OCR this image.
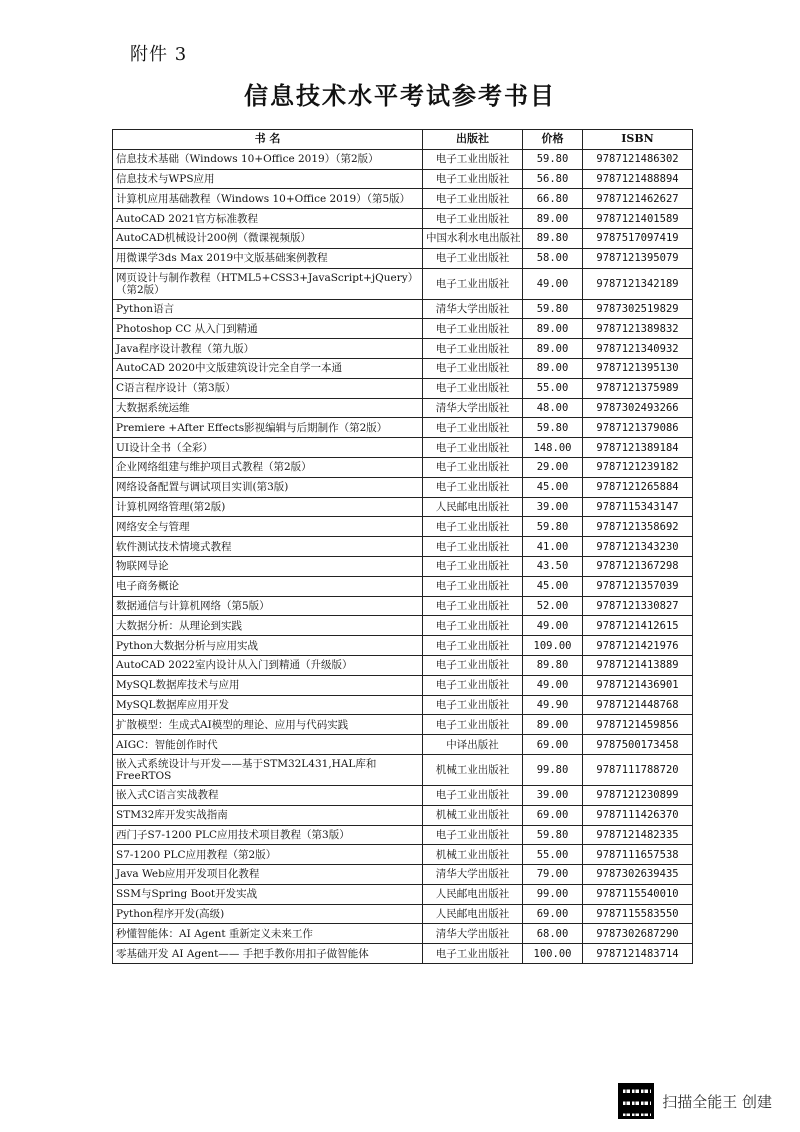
附件 3
信息技术水平考试参考书目
书 名	出版社	价格	ISBN
信息技术基础（Windows 10+Office 2019）（第2版）	电子工业出版社	59.80	9787121486302
信息技术与WPS应用	电子工业出版社	56.80	9787121488894
计算机应用基础教程（Windows 10+Office 2019）（第5版）	电子工业出版社	66.80	9787121462627
AutoCAD 2021官方标准教程	电子工业出版社	89.00	9787121401589
AutoCAD机械设计200例（微课视频版）	中国水利水电出版社	89.80	9787517097419
用微课学3ds Max 2019中文版基础案例教程	电子工业出版社	58.00	9787121395079
网页设计与制作教程（HTML5+CSS3+JavaScript+jQuery）（第2版）	电子工业出版社	49.00	9787121342189
Python语言	清华大学出版社	59.80	9787302519829
Photoshop CC 从入门到精通	电子工业出版社	89.00	9787121389832
Java程序设计教程（第九版）	电子工业出版社	89.00	9787121340932
AutoCAD 2020中文版建筑设计完全自学一本通	电子工业出版社	89.00	9787121395130
C语言程序设计（第3版）	电子工业出版社	55.00	9787121375989
大数据系统运维	清华大学出版社	48.00	9787302493266
Premiere +After Effects影视编辑与后期制作（第2版）	电子工业出版社	59.80	9787121379086
UI设计全书（全彩）	电子工业出版社	148.00	9787121389184
企业网络组建与维护项目式教程（第2版）	电子工业出版社	29.00	9787121239182
网络设备配置与调试项目实训(第3版)	电子工业出版社	45.00	9787121265884
计算机网络管理(第2版)	人民邮电出版社	39.00	9787115343147
网络安全与管理	电子工业出版社	59.80	9787121358692
软件测试技术情境式教程	电子工业出版社	41.00	9787121343230
物联网导论	电子工业出版社	43.50	9787121367298
电子商务概论	电子工业出版社	45.00	9787121357039
数据通信与计算机网络（第5版）	电子工业出版社	52.00	9787121330827
大数据分析：从理论到实践	电子工业出版社	49.00	9787121412615
Python大数据分析与应用实战	电子工业出版社	109.00	9787121421976
AutoCAD 2022室内设计从入门到精通（升级版）	电子工业出版社	89.80	9787121413889
MySQL数据库技术与应用	电子工业出版社	49.00	9787121436901
MySQL数据库应用开发	电子工业出版社	49.90	9787121448768
扩散模型：生成式AI模型的理论、应用与代码实践	电子工业出版社	89.00	9787121459856
AIGC：智能创作时代	中译出版社	69.00	9787500173458
嵌入式系统设计与开发——基于STM32L431,HAL库和FreeRTOS	机械工业出版社	99.80	9787111788720
嵌入式C语言实战教程	电子工业出版社	39.00	9787121230899
STM32库开发实战指南	机械工业出版社	69.00	9787111426370
西门子S7-1200 PLC应用技术项目教程（第3版）	电子工业出版社	59.80	9787121482335
S7-1200 PLC应用教程（第2版）	机械工业出版社	55.00	9787111657538
Java Web应用开发项目化教程	清华大学出版社	79.00	9787302639435
SSM与Spring Boot开发实战	人民邮电出版社	99.00	9787115540010
Python程序开发(高级)	人民邮电出版社	69.00	9787115583550
秒懂智能体：AI Agent 重新定义未来工作	清华大学出版社	68.00	9787302687290
零基础开发 AI Agent—— 手把手教你用扣子做智能体	电子工业出版社	100.00	9787121483714
扫描全能王 创建
